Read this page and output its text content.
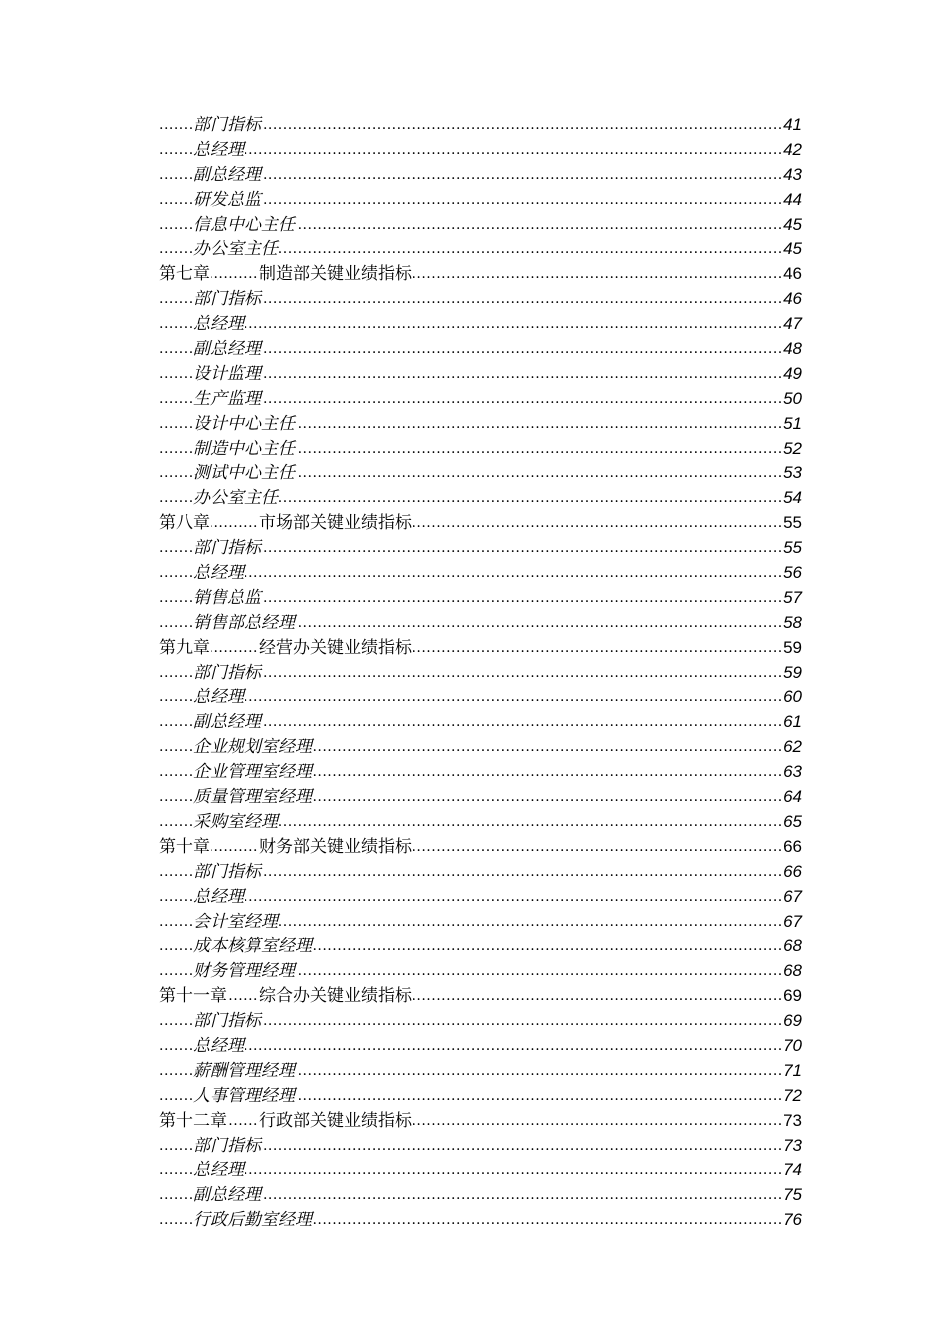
.....
部门指标	41
.....
总经理	42
.....
副总经理	43
.....
研发总监	44
.....
信息中心主任	45
.....
办公室主任	45
.....
第七章	制造部关键业绩指标	46
.....
部门指标	46
.....
总经理	47
.....
副总经理	48
.....
设计监理	49
.....
生产监理	50
.....
设计中心主任	51
.....
制造中心主任	52
.....
测试中心主任	53
.....
办公室主任	54
.....
第八章	市场部关键业绩指标	55
.....
部门指标	55
.....
总经理	56
.....
销售总监	57
.....
销售部总经理	58
.....
第九章	经营办关键业绩指标	59
.....
部门指标	59
.....
总经理	60
.....
副总经理	61
.....
企业规划室经理	62
.....
企业管理室经理	63
.....
质量管理室经理	64
.....
采购室经理	65
.....
第十章	财务部关键业绩指标	66
.....
部门指标	66
.....
总经理	67
.....
会计室经理	67
.....
成本核算室经理	68
.....
财务管理经理	68
.....
第十一章 综合办关键业绩指标	69
.....
部门指标	69
.....
总经理	70
.....
薪酬管理经理	71
.....
人事管理经理	72
.....
第十二章 行政部关键业绩指标	73
.....
部门指标	73
.....
总经理	74
.....
副总经理	75
.....
行政后勤室经理	76
